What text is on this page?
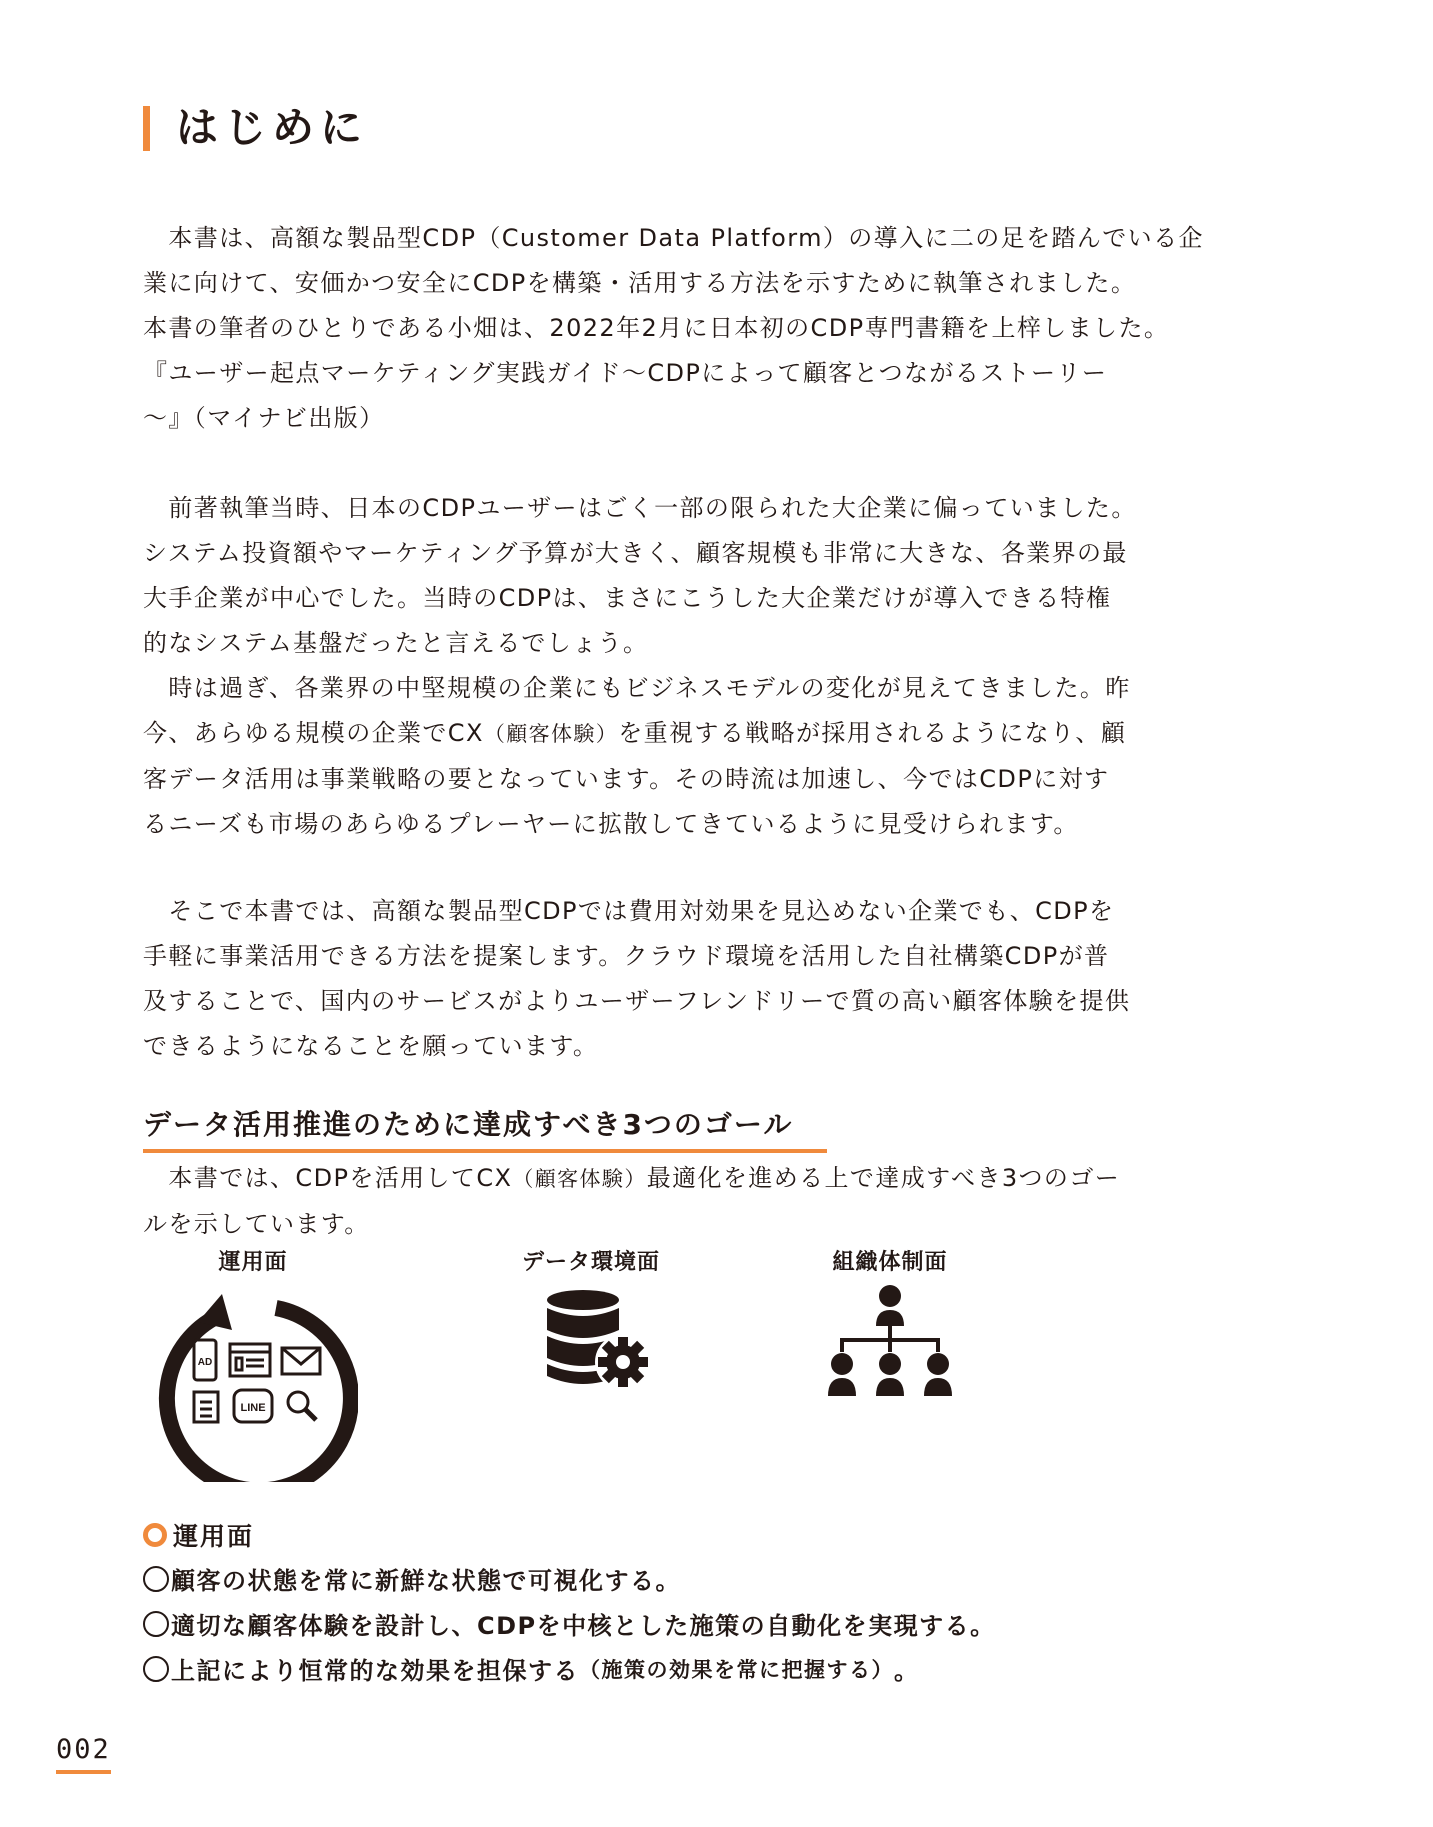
はじめに

　本書は、高額な製品型CDP（Customer Data Platform）の導入に二の足を踏んでいる企

業に向けて、安価かつ安全にCDPを構築・活用する方法を示すために執筆されました。

本書の筆者のひとりである小畑は、2022年2月に日本初のCDP専門書籍を上梓しました。

『ユーザー起点マーケティング実践ガイド～CDPによって顧客とつながるストーリー

～』（マイナビ出版）

　前著執筆当時、日本のCDPユーザーはごく一部の限られた大企業に偏っていました。

システム投資額やマーケティング予算が大きく、顧客規模も非常に大きな、各業界の最

大手企業が中心でした。当時のCDPは、まさにこうした大企業だけが導入できる特権

的なシステム基盤だったと言えるでしょう。

　時は過ぎ、各業界の中堅規模の企業にもビジネスモデルの変化が見えてきました。昨

今、あらゆる規模の企業でCX（顧客体験）を重視する戦略が採用されるようになり、顧

客データ活用は事業戦略の要となっています。その時流は加速し、今ではCDPに対す

るニーズも市場のあらゆるプレーヤーに拡散してきているように見受けられます。

　そこで本書では、高額な製品型CDPでは費用対効果を見込めない企業でも、CDPを

手軽に事業活用できる方法を提案します。クラウド環境を活用した自社構築CDPが普

及することで、国内のサービスがよりユーザーフレンドリーで質の高い顧客体験を提供

できるようになることを願っています。

データ活用推進のために達成すべき3つのゴール

　本書では、CDPを活用してCX（顧客体験）最適化を進める上で達成すべき3つのゴー

ルを示しています。

運用面
AD
LINE
データ環境面	組織体制面
運用面
顧客の状態を常に新鮮な状態で可視化する。
適切な顧客体験を設計し、CDPを中核とした施策の自動化を実現する。
上記により恒常的な効果を担保する （施策の効果を常に把握する） 。
002
